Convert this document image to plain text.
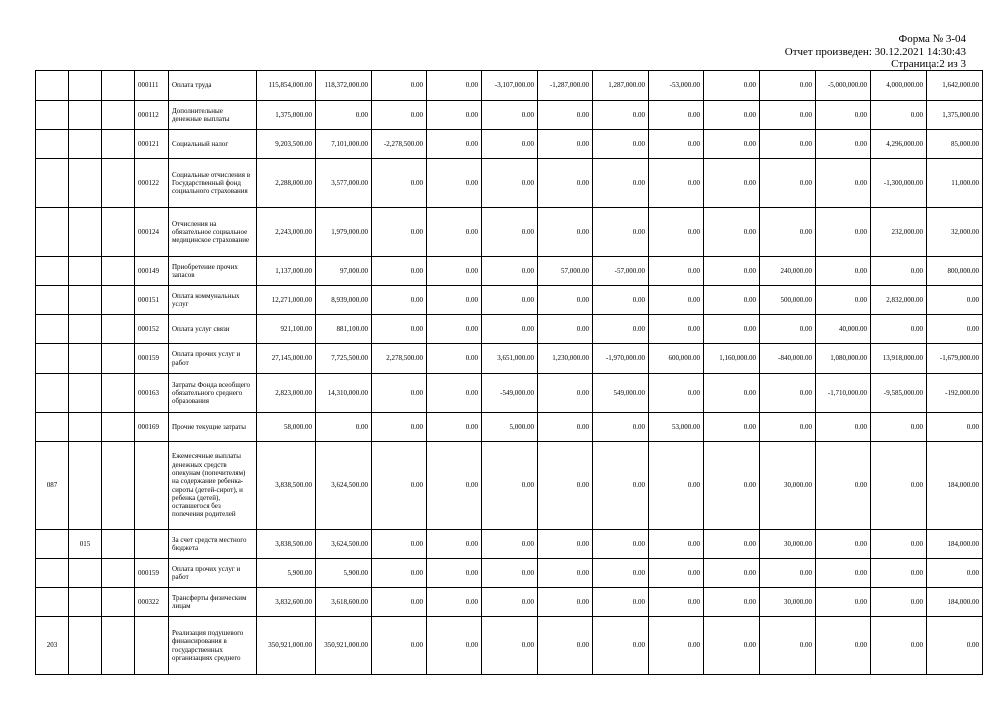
Форма № 3-04
Отчет произведен: 30.12.2021 14:30:43
Страница:2 из 3
			000111	Оплата труда	115,854,000.00	118,372,000.00	0.00	0.00	-3,107,000.00	-1,287,000.00	1,287,000.00	-53,000.00	0.00	0.00	-5,000,000.00	4,000,000.00	1,642,000.00
			000112	Дополнительные денежные выплаты	1,375,000.00	0.00	0.00	0.00	0.00	0.00	0.00	0.00	0.00	0.00	0.00	0.00	1,375,000.00
			000121	Социальный налог	9,203,500.00	7,101,000.00	-2,278,500.00	0.00	0.00	0.00	0.00	0.00	0.00	0.00	0.00	4,296,000.00	85,000.00
			000122	Социальные отчисления в Государственный фонд социального страхования	2,288,000.00	3,577,000.00	0.00	0.00	0.00	0.00	0.00	0.00	0.00	0.00	0.00	-1,300,000.00	11,000.00
			000124	Отчисления на обязательное социальное медицинское страхование	2,243,000.00	1,979,000.00	0.00	0.00	0.00	0.00	0.00	0.00	0.00	0.00	0.00	232,000.00	32,000.00
			000149	Приобретение прочих запасов	1,137,000.00	97,000.00	0.00	0.00	0.00	57,000.00	-57,000.00	0.00	0.00	240,000.00	0.00	0.00	800,000.00
			000151	Оплата коммунальных услуг	12,271,000.00	8,939,000.00	0.00	0.00	0.00	0.00	0.00	0.00	0.00	500,000.00	0.00	2,832,000.00	0.00
			000152	Оплата услуг связи	921,100.00	881,100.00	0.00	0.00	0.00	0.00	0.00	0.00	0.00	0.00	40,000.00	0.00	0.00
			000159	Оплата прочих услуг и работ	27,145,000.00	7,725,500.00	2,278,500.00	0.00	3,651,000.00	1,230,000.00	-1,970,000.00	600,000.00	1,160,000.00	-840,000.00	1,080,000.00	13,918,000.00	-1,679,000.00
			000163	Затраты Фонда всеобщего обязательного среднего образования	2,823,000.00	14,310,000.00	0.00	0.00	-549,000.00	0.00	549,000.00	0.00	0.00	0.00	-1,710,000.00	-9,585,000.00	-192,000.00
			000169	Прочие текущие затраты	58,000.00	0.00	0.00	0.00	5,000.00	0.00	0.00	53,000.00	0.00	0.00	0.00	0.00	0.00
087				Ежемесячные выплаты денежных средств опекунам (попечителям) на содержание ребенка-сироты (детей-сирот), и ребенка (детей), оставшегося без попечения родителей	3,838,500.00	3,624,500.00	0.00	0.00	0.00	0.00	0.00	0.00	0.00	30,000.00	0.00	0.00	184,000.00
	015			За счет средств местного бюджета	3,838,500.00	3,624,500.00	0.00	0.00	0.00	0.00	0.00	0.00	0.00	30,000.00	0.00	0.00	184,000.00
			000159	Оплата прочих услуг и работ	5,900.00	5,900.00	0.00	0.00	0.00	0.00	0.00	0.00	0.00	0.00	0.00	0.00	0.00
			000322	Трансферты физическим лицам	3,832,600.00	3,618,600.00	0.00	0.00	0.00	0.00	0.00	0.00	0.00	30,000.00	0.00	0.00	184,000.00
203				Реализация подушевого финансирования в государственных организациях среднего	350,921,000.00	350,921,000.00	0.00	0.00	0.00	0.00	0.00	0.00	0.00	0.00	0.00	0.00	0.00
